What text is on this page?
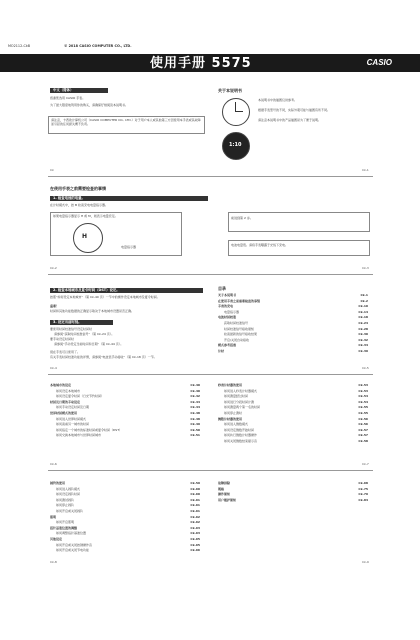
MO2112-CkB	© 2018 CASIO COMPUTER CO., LTD.
使用手册 5575	CASIO
中文（简体）
感谢您选用 CASIO 手表。
为了最大限度地利用你的购买，请确保仔细阅读本说明书。
请注意，卡西欧计算机公司（CASIO COMPUTER CO., LTD.）对于用户本人或其他第三方因使用本手表或其故障而引起的任何损失概不负责。
关于本说明书
1:10
本说明书中的插图仅供参考。
根据手表型号的不同，实际外观可能与插图有所不同。
请注意本说明书中的产品插图是为了便于说明。
Ck	Ck-1
在使用手表之前需要检查的事情
1. 检查电池的电量。
在计时模式中，按 B 检查充电电量指示器。
如果电量指示器显示 H 或 M，则表示电量充足。
H
电量指示器
前进到第 2 步。
电池电量低。请将手表曝露于光线下充电。
Ck-2	Ck-3
2. 检查本地城市及夏令时间（DST）设定。
按照“如何设定本地城市”（第 Ck-40 页）一节中的操作设定本地城市及夏令时间。
重要！
时间和其他功能数据的正确显示取决于本地城市设置是否正确。
3. 设定当前时刻。
要使用时间校准信号设定时间时
请参阅“获取时间校准信号”（第 Ck-24 页）。
要手动设定时间时
请参阅“手动设定当前时间和日期”（第 Ck-44 页）。
现在手表可以使用了。
有关手表时间校准功能的详情，请参阅“电波表手动接收”（第 Ck-18 页）一节。
目录
关于本说明书	Ck-1
在使用手表之前需要检查的事情	Ck-2
手表的充电	Ck-10
电量指示器	Ck-14
电波时间校准	Ck-18
获取时间校准信号	Ck-24
时间校准信号接收须知	Ck-28
检查最新的信号接收结果	Ck-30
开启/关闭自动接收	Ck-32
模式参考指南	Ck-34
计时	Ck-39
Ck-4	Ck-5
本地城市的设定	Ck-40
如何设定本地城市	Ck-40
如何设定夏令时间（日光节约时间）	Ck-42
时间及日期的手动设定	Ck-44
如何手动设定时间及日期	Ck-44
世界时间模式的使用	Ck-48
如何进入世界时间模式	Ck-48
如何查看另一城市的时间	Ck-49
如何指定一个城市的标准时间或夏令时间（DST）	Ck-50
如何交换本地城市与世界时间城市	Ck-51
秒表计时器的使用	Ck-53
如何进入秒表计时器模式	Ck-53
如何测量经过时间	Ck-54
如何进行分段时间计测	Ck-54
如何测量两个第一名的时间	Ck-55
如何停止测时	Ck-55
倒数计时器的使用	Ck-56
如何进入倒数模式	Ck-56
如何设定倒数开始时间	Ck-57
如何执行倒数计时器操作	Ck-57
如何关闭倒数结束提示音	Ck-58
Ck-6	Ck-7
闹铃的使用	Ck-59
如何进入闹铃模式	Ck-60
如何设定闹铃时间	Ck-60
如何测试闹铃	Ck-61
如何停止闹铃	Ck-61
如何开启或关闭闹铃	Ck-61
照明	Ck-62
如何开启照明	Ck-62
指针基准位置的调整	Ck-63
如何调整指针基准位置	Ck-63
其他设定	Ck-65
如何开启或关闭按键操作音	Ck-65
如何开启或关闭节电功能	Ck-66
故障排除	Ck-68
规格	Ck-75
操作须知	Ck-79
用户维护须知	Ck-84
Ck-8	Ck-9
